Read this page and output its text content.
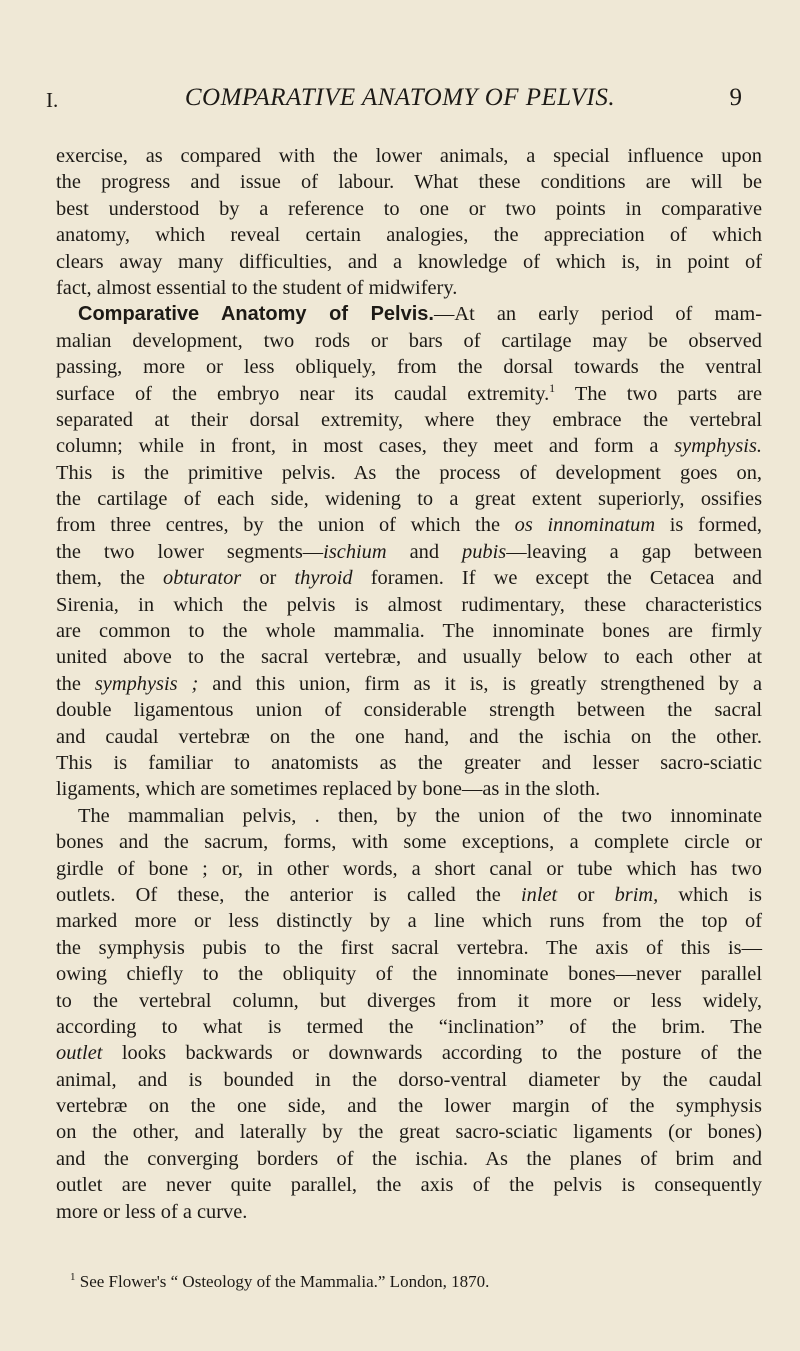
I.	COMPARATIVE ANATOMY OF PELVIS.	9
exercise, as compared with the lower animals, a special influence upon
the progress and issue of labour. What these conditions are will be
best understood by a reference to one or two points in comparative
anatomy, which reveal certain analogies, the appreciation of which
clears away many difficulties, and a knowledge of which is, in point of
fact, almost essential to the student of midwifery.
Comparative Anatomy of Pelvis.—At an early period of mam-
malian development, two rods or bars of cartilage may be observed
passing, more or less obliquely, from the dorsal towards the ventral
surface of the embryo near its caudal extremity.$^1$ The two parts are
separated at their dorsal extremity, where they embrace the vertebral
column; while in front, in most cases, they meet and form a symphysis.
This is the primitive pelvis. As the process of development goes on,
the cartilage of each side, widening to a great extent superiorly, ossifies
from three centres, by the union of which the os innominatum is formed,
the two lower segments—ischium and pubis—leaving a gap between
them, the obturator or thyroid foramen. If we except the Cetacea and
Sirenia, in which the pelvis is almost rudimentary, these characteristics
are common to the whole mammalia. The innominate bones are firmly
united above to the sacral vertebræ, and usually below to each other at
the symphysis ; and this union, firm as it is, is greatly strengthened by a
double ligamentous union of considerable strength between the sacral
and caudal vertebræ on the one hand, and the ischia on the other.
This is familiar to anatomists as the greater and lesser sacro-sciatic
ligaments, which are sometimes replaced by bone—as in the sloth.
The mammalian pelvis, . then, by the union of the two innominate
bones and the sacrum, forms, with some exceptions, a complete circle or
girdle of bone ; or, in other words, a short canal or tube which has two
outlets. Of these, the anterior is called the inlet or brim, which is
marked more or less distinctly by a line which runs from the top of
the symphysis pubis to the first sacral vertebra. The axis of this is—
owing chiefly to the obliquity of the innominate bones—never parallel
to the vertebral column, but diverges from it more or less widely,
according to what is termed the “inclination” of the brim. The
outlet looks backwards or downwards according to the posture of the
animal, and is bounded in the dorso-ventral diameter by the caudal
vertebræ on the one side, and the lower margin of the symphysis
on the other, and laterally by the great sacro-sciatic ligaments (or bones)
and the converging borders of the ischia. As the planes of brim and
outlet are never quite parallel, the axis of the pelvis is consequently
more or less of a curve.
$^1$ See Flower's “ Osteology of the Mammalia.” London, 1870.
